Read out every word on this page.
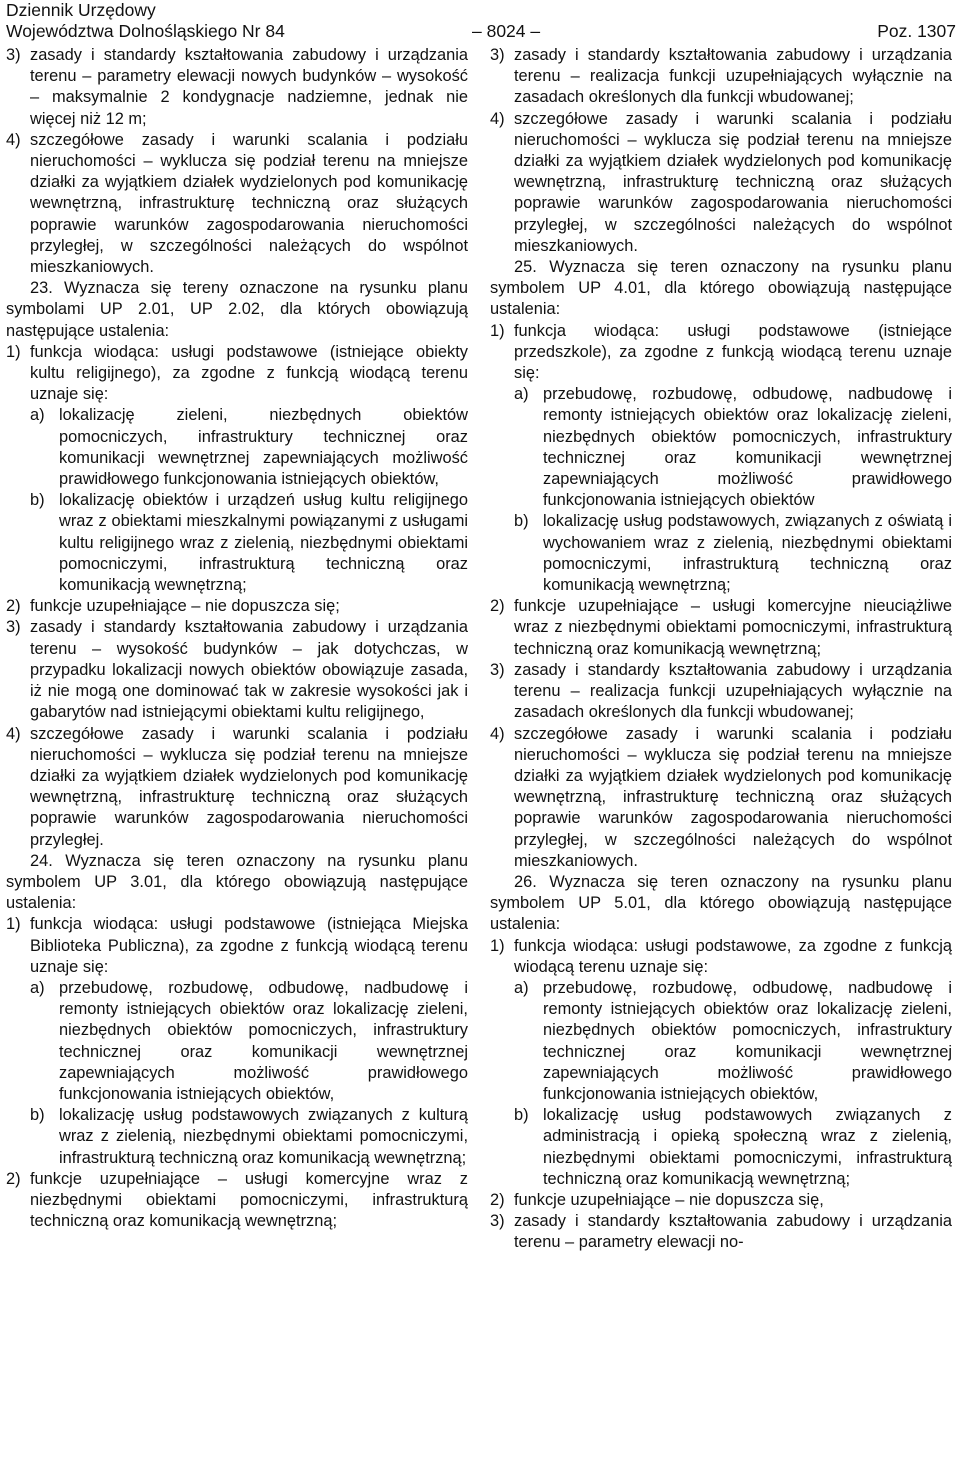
Dziennik Urzędowy
Województwa Dolnośląskiego Nr 84	– 8024 –	Poz. 1307
3) zasady i standardy kształtowania zabudowy i urządzania terenu – parametry elewacji nowych budynków – wysokość – maksymalnie 2 kondygnacje nadziemne, jednak nie więcej niż 12 m;
4) szczegółowe zasady i warunki scalania i podziału nieruchomości – wyklucza się podział terenu na mniejsze działki za wyjątkiem działek wydzielonych pod komunikację wewnętrzną, infrastrukturę techniczną oraz służących poprawie warunków zagospodarowania nieruchomości przyległej, w szczególności należących do wspólnot mieszkaniowych.
23. Wyznacza się tereny oznaczone na rysunku planu symbolami UP 2.01, UP 2.02, dla których obowiązują następujące ustalenia:
1) funkcja wiodąca: usługi podstawowe (istniejące obiekty kultu religijnego), za zgodne z funkcją wiodącą terenu uznaje się:
a) lokalizację zieleni, niezbędnych obiektów pomocniczych, infrastruktury technicznej oraz komunikacji wewnętrznej zapewniających możliwość prawidłowego funkcjonowania istniejących obiektów,
b) lokalizację obiektów i urządzeń usług kultu religijnego wraz z obiektami mieszkalnymi powiązanymi z usługami kultu religijnego wraz z zielenią, niezbędnymi obiektami pomocniczymi, infrastrukturą techniczną oraz komunikacją wewnętrzną;
2) funkcje uzupełniające – nie dopuszcza się;
3) zasady i standardy kształtowania zabudowy i urządzania terenu – wysokość budynków – jak dotychczas, w przypadku lokalizacji nowych obiektów obowiązuje zasada, iż nie mogą one dominować tak w zakresie wysokości jak i gabarytów nad istniejącymi obiektami kultu religijnego,
4) szczegółowe zasady i warunki scalania i podziału nieruchomości – wyklucza się podział terenu na mniejsze działki za wyjątkiem działek wydzielonych pod komunikację wewnętrzną, infrastrukturę techniczną oraz służących poprawie warunków zagospodarowania nieruchomości przyległej.
24. Wyznacza się teren oznaczony na rysunku planu symbolem UP 3.01, dla którego obowiązują następujące ustalenia:
1) funkcja wiodąca: usługi podstawowe (istniejąca Miejska Biblioteka Publiczna), za zgodne z funkcją wiodącą terenu uznaje się:
a) przebudowę, rozbudowę, odbudowę, nadbudowę i remonty istniejących obiektów oraz lokalizację zieleni, niezbędnych obiektów pomocniczych, infrastruktury technicznej oraz komunikacji wewnętrznej zapewniających możliwość prawidłowego funkcjonowania istniejących obiektów,
b) lokalizację usług podstawowych związanych z kulturą wraz z zielenią, niezbędnymi obiektami pomocniczymi, infrastrukturą techniczną oraz komunikacją wewnętrzną;
2) funkcje uzupełniające – usługi komercyjne wraz z niezbędnymi obiektami pomocniczymi, infrastrukturą techniczną oraz komunikacją wewnętrzną;
3) zasady i standardy kształtowania zabudowy i urządzania terenu – realizacja funkcji uzupełniających wyłącznie na zasadach określonych dla funkcji wbudowanej;
4) szczegółowe zasady i warunki scalania i podziału nieruchomości – wyklucza się podział terenu na mniejsze działki za wyjątkiem działek wydzielonych pod komunikację wewnętrzną, infrastrukturę techniczną oraz służących poprawie warunków zagospodarowania nieruchomości przyległej, w szczególności należących do wspólnot mieszkaniowych.
25. Wyznacza się teren oznaczony na rysunku planu symbolem UP 4.01, dla którego obowiązują następujące ustalenia:
1) funkcja wiodąca: usługi podstawowe (istniejące przedszkole), za zgodne z funkcją wiodącą terenu uznaje się:
a) przebudowę, rozbudowę, odbudowę, nadbudowę i remonty istniejących obiektów oraz lokalizację zieleni, niezbędnych obiektów pomocniczych, infrastruktury technicznej oraz komunikacji wewnętrznej zapewniających możliwość prawidłowego funkcjonowania istniejących obiektów
b) lokalizację usług podstawowych, związanych z oświatą i wychowaniem wraz z zielenią, niezbędnymi obiektami pomocniczymi, infrastrukturą techniczną oraz komunikacją wewnętrzną;
2) funkcje uzupełniające – usługi komercyjne nieuciążliwe wraz z niezbędnymi obiektami pomocniczymi, infrastrukturą techniczną oraz komunikacją wewnętrzną;
3) zasady i standardy kształtowania zabudowy i urządzania terenu – realizacja funkcji uzupełniających wyłącznie na zasadach określonych dla funkcji wbudowanej;
4) szczegółowe zasady i warunki scalania i podziału nieruchomości – wyklucza się podział terenu na mniejsze działki za wyjątkiem działek wydzielonych pod komunikację wewnętrzną, infrastrukturę techniczną oraz służących poprawie warunków zagospodarowania nieruchomości przyległej, w szczególności należących do wspólnot mieszkaniowych.
26. Wyznacza się teren oznaczony na rysunku planu symbolem UP 5.01, dla którego obowiązują następujące ustalenia:
1) funkcja wiodąca: usługi podstawowe, za zgodne z funkcją wiodącą terenu uznaje się:
a) przebudowę, rozbudowę, odbudowę, nadbudowę i remonty istniejących obiektów oraz lokalizację zieleni, niezbędnych obiektów pomocniczych, infrastruktury technicznej oraz komunikacji wewnętrznej zapewniających możliwość prawidłowego funkcjonowania istniejących obiektów,
b) lokalizację usług podstawowych związanych z administracją i opieką społeczną wraz z zielenią, niezbędnymi obiektami pomocniczymi, infrastrukturą techniczną oraz komunikacją wewnętrzną;
2) funkcje uzupełniające – nie dopuszcza się,
3) zasady i standardy kształtowania zabudowy i urządzania terenu – parametry elewacji no-
